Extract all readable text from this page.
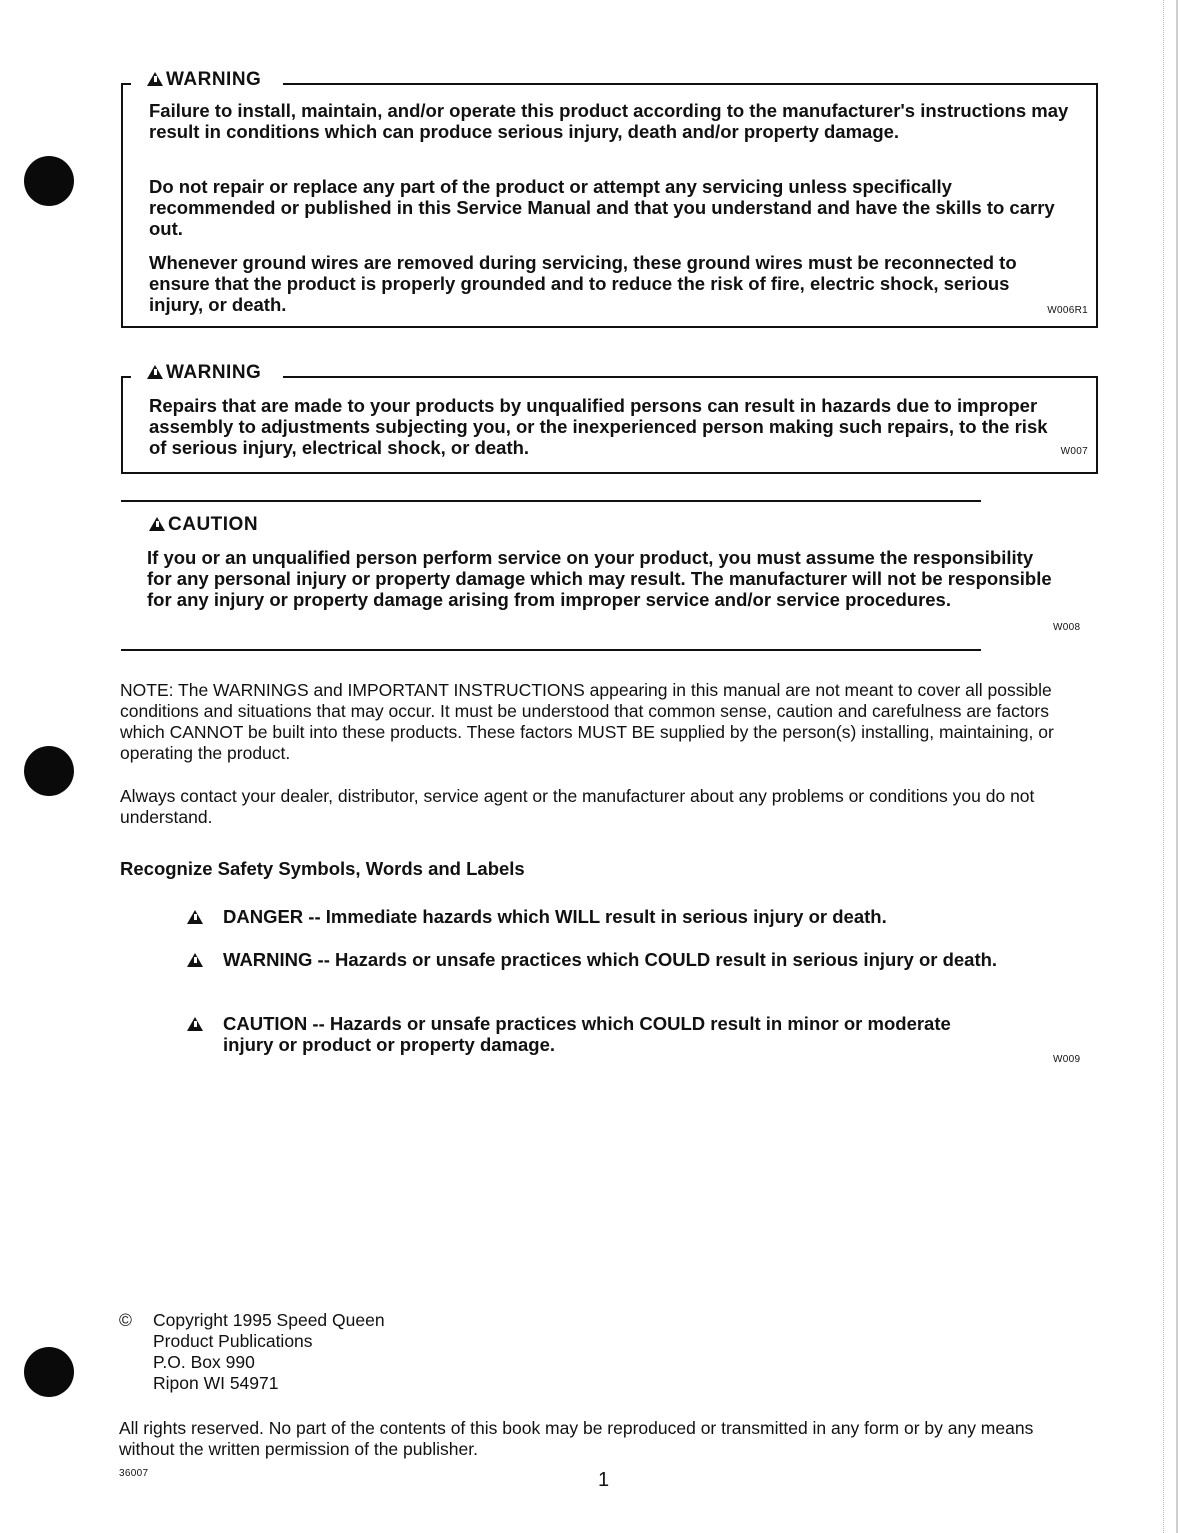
WARNING

Failure to install, maintain, and/or operate this product according to the manufacturer's instructions may result in conditions which can produce serious injury, death and/or property damage.

Do not repair or replace any part of the product or attempt any servicing unless specifically recommended or published in this Service Manual and that you understand and have the skills to carry out.

Whenever ground wires are removed during servicing, these ground wires must be reconnected to ensure that the product is properly grounded and to reduce the risk of fire, electric shock, serious injury, or death.	W006R1
WARNING

Repairs that are made to your products by unqualified persons can result in hazards due to improper assembly to adjustments subjecting you, or the inexperienced person making such repairs, to the risk of serious injury, electrical shock, or death.	W007
CAUTION

If you or an unqualified person perform service on your product, you must assume the responsibility for any personal injury or property damage which may result. The manufacturer will not be responsible for any injury or property damage arising from improper service and/or service procedures.

W008

NOTE: The WARNINGS and IMPORTANT INSTRUCTIONS appearing in this manual are not meant to cover all possible conditions and situations that may occur. It must be understood that common sense, caution and carefulness are factors which CANNOT be built into these products. These factors MUST BE supplied by the person(s) installing, maintaining, or operating the product.

Always contact your dealer, distributor, service agent or the manufacturer about any problems or conditions you do not understand.

Recognize Safety Symbols, Words and Labels
DANGER -- Immediate hazards which WILL result in serious injury or death.
WARNING -- Hazards or unsafe practices which COULD result in serious injury or death.
CAUTION -- Hazards or unsafe practices which COULD result in minor or moderate injury or product or property damage.
W009
© Copyright 1995 Speed Queen
Product Publications
P.O. Box 990
Ripon WI 54971

All rights reserved. No part of the contents of this book may be reproduced or transmitted in any form or by any means without the written permission of the publisher.

36007	1
